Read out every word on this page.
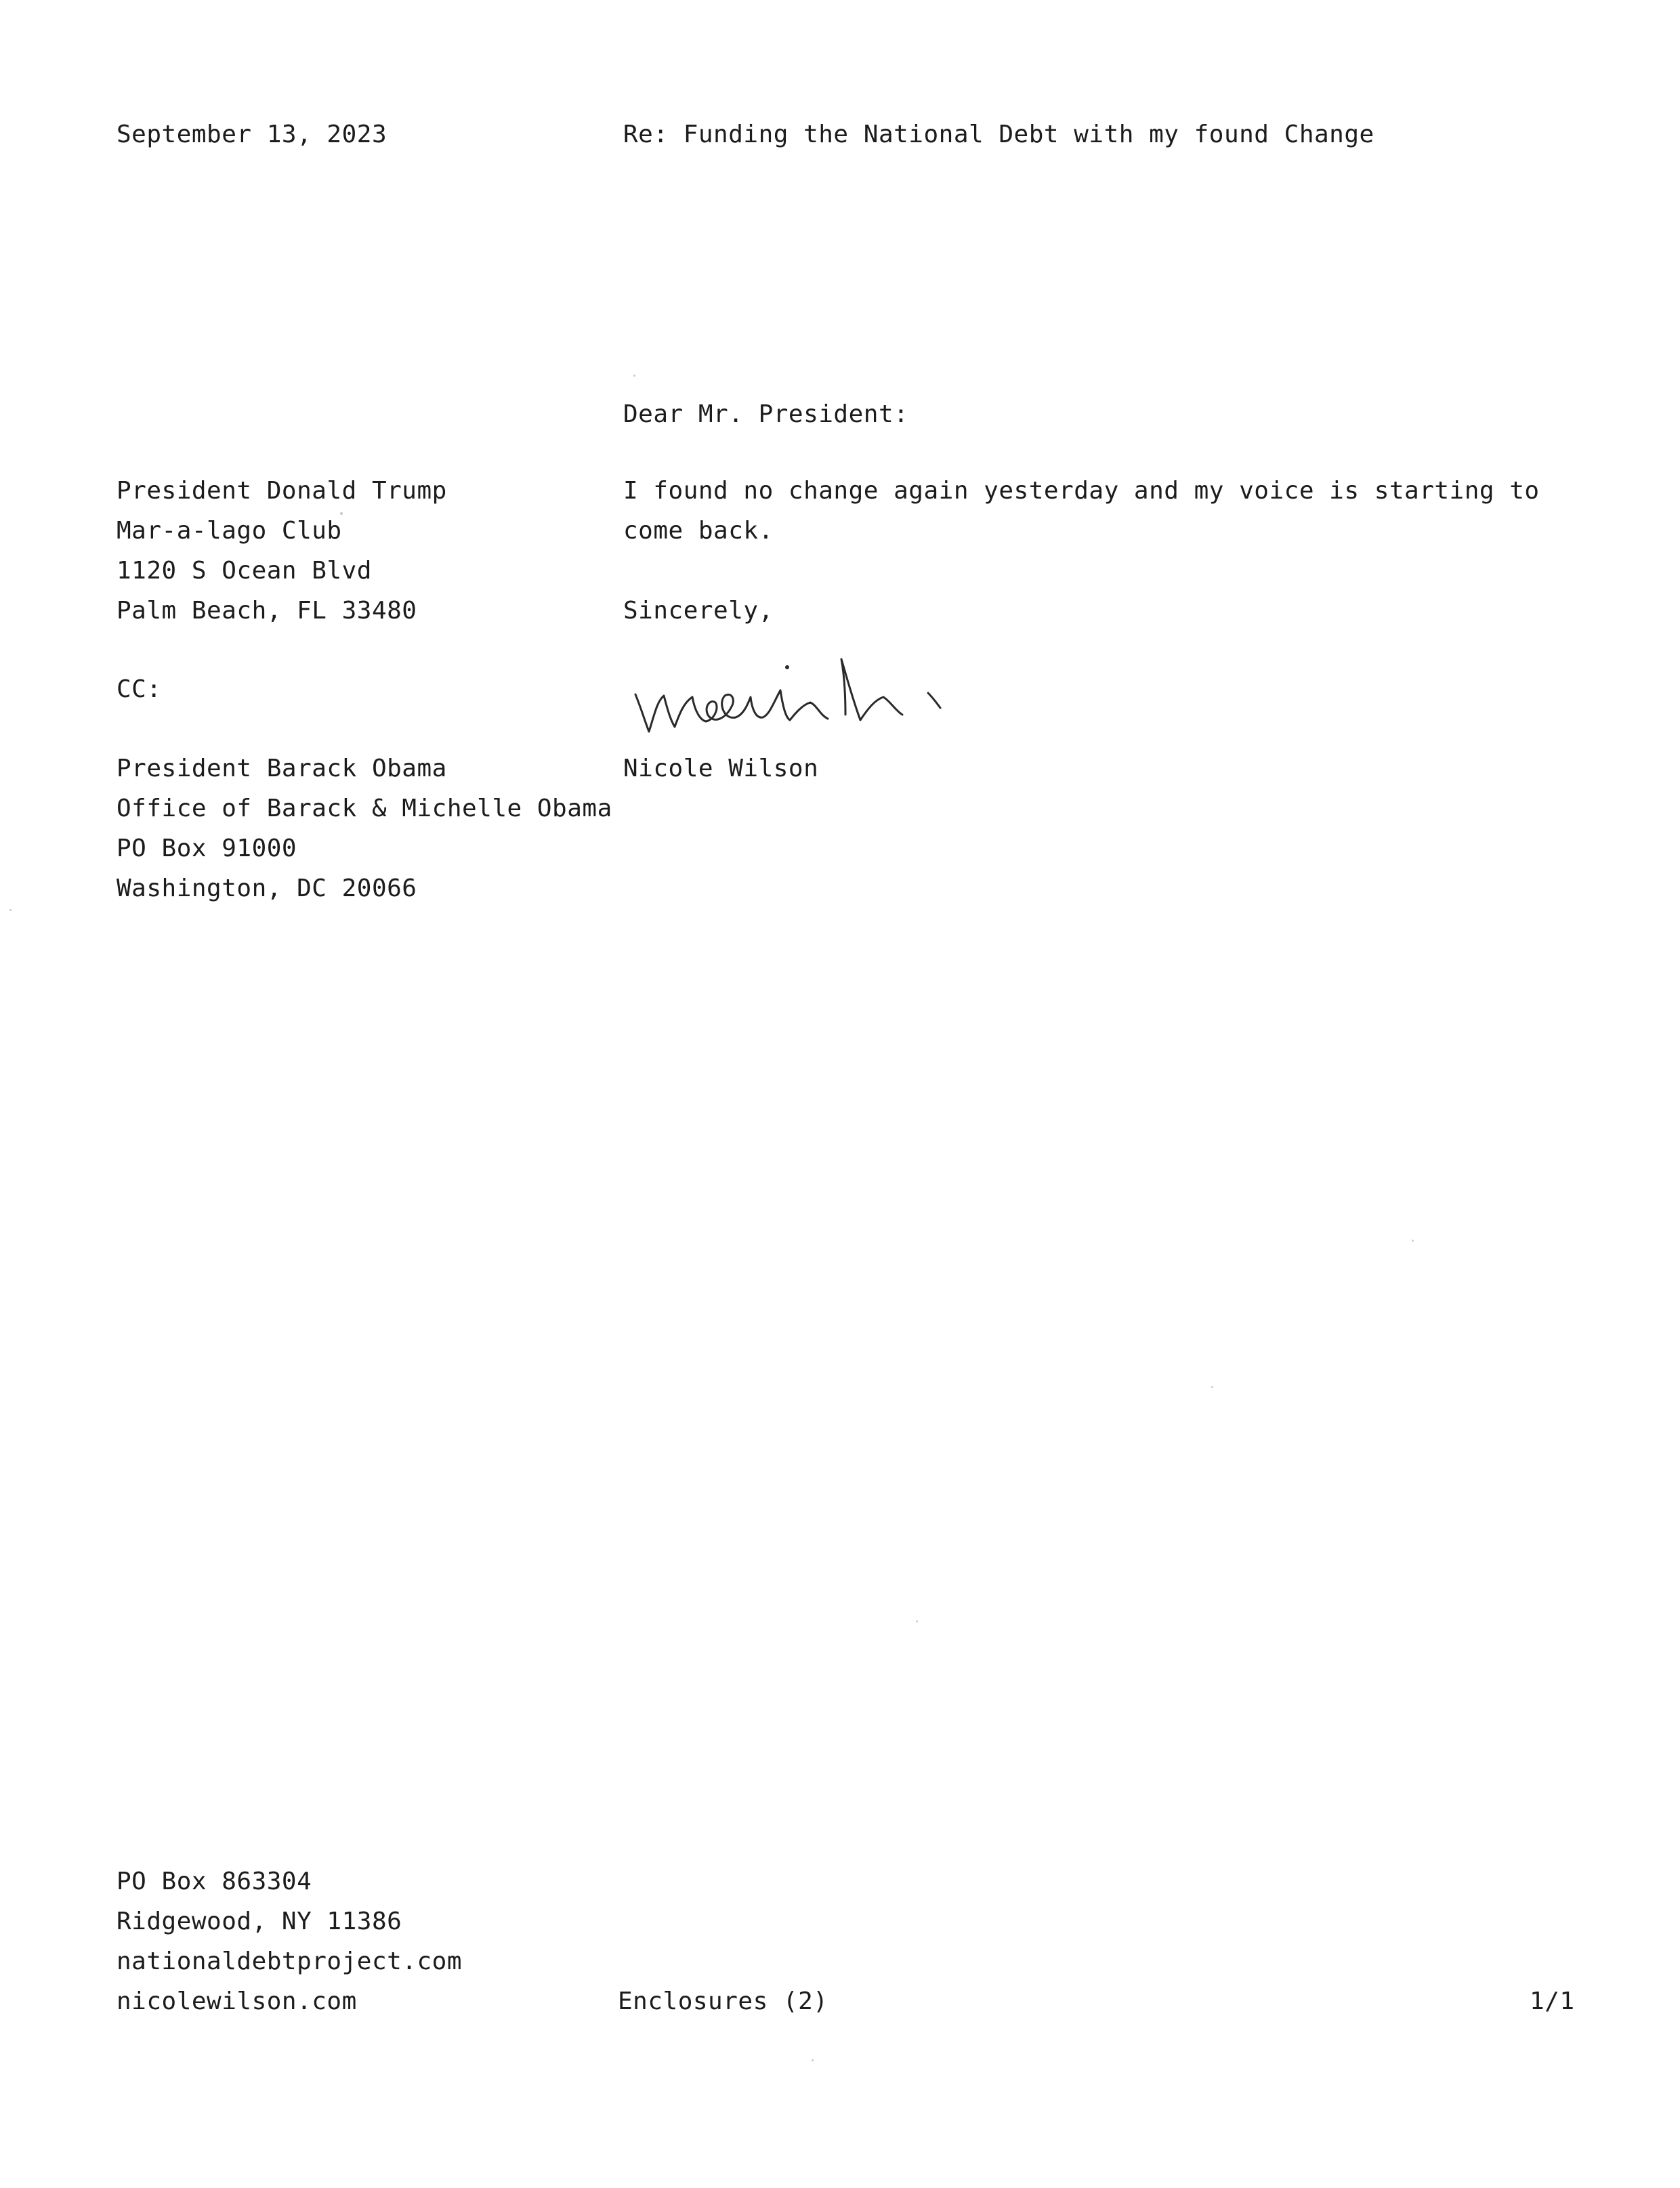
September 13, 2023	Re: Funding the National Debt with my found Change
Dear Mr. President:
President Donald Trump
Mar-a-lago Club
1120 S Ocean Blvd
Palm Beach, FL 33480
I found no change again yesterday and my voice is starting to come back.
Sincerely,
CC:
Nicole Wilson
President Barack Obama
Office of Barack & Michelle Obama
PO Box 91000
Washington, DC 20066
PO Box 863304
Ridgewood, NY 11386
nationaldebtproject.com
nicolewilson.com	Enclosures (2)	1/1
